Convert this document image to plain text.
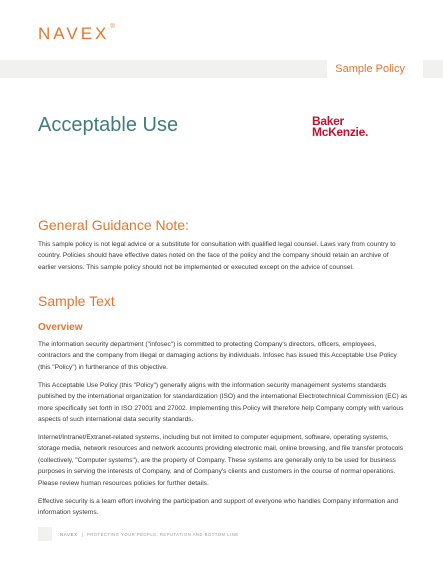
NAVEX®
Sample Policy
Acceptable Use	Baker
McKenzie.
General Guidance Note:

This sample policy is not legal advice or a substitute for consultation with qualified legal counsel. Laws vary from country to country. Policies should have effective dates noted on the face of the policy and the company should retain an archive of earlier versions. This sample policy should not be implemented or executed except on the advice of counsel.

Sample Text
Overview

The information security department ("infosec") is committed to protecting Company's directors, officers, employees, contractors and the company from illegal or damaging actions by individuals. Infosec has issued this Acceptable Use Policy (this "Policy") in furtherance of this objective.

This Acceptable Use Policy (this "Policy") generally aligns with the information security management systems standards published by the international organization for standardization (ISO) and the international Electrotechnical Commission (EC) as more specifically set forth in ISO 27001 and 27002. Implementing this Policy will therefore help Company comply with various aspects of such international data security standards.

Internet/Intranet/Extranet-related systems, including but not limited to computer equipment, software, operating systems, storage media, network resources and network accounts providing electronic mail, online browsing, and file transfer protocols (collectively, "Computer systems"), are the property of Company. These systems are generally only to be used for business purposes in serving the interests of Company, and of Company's clients and customers in the course of normal operations. Please review human resources policies for further details.

Effective security is a team effort involving the participation and support of everyone who handles Company information and information systems.

NAVEX | PROTECTING YOUR PEOPLE, REPUTATION AND BOTTOM LINE
